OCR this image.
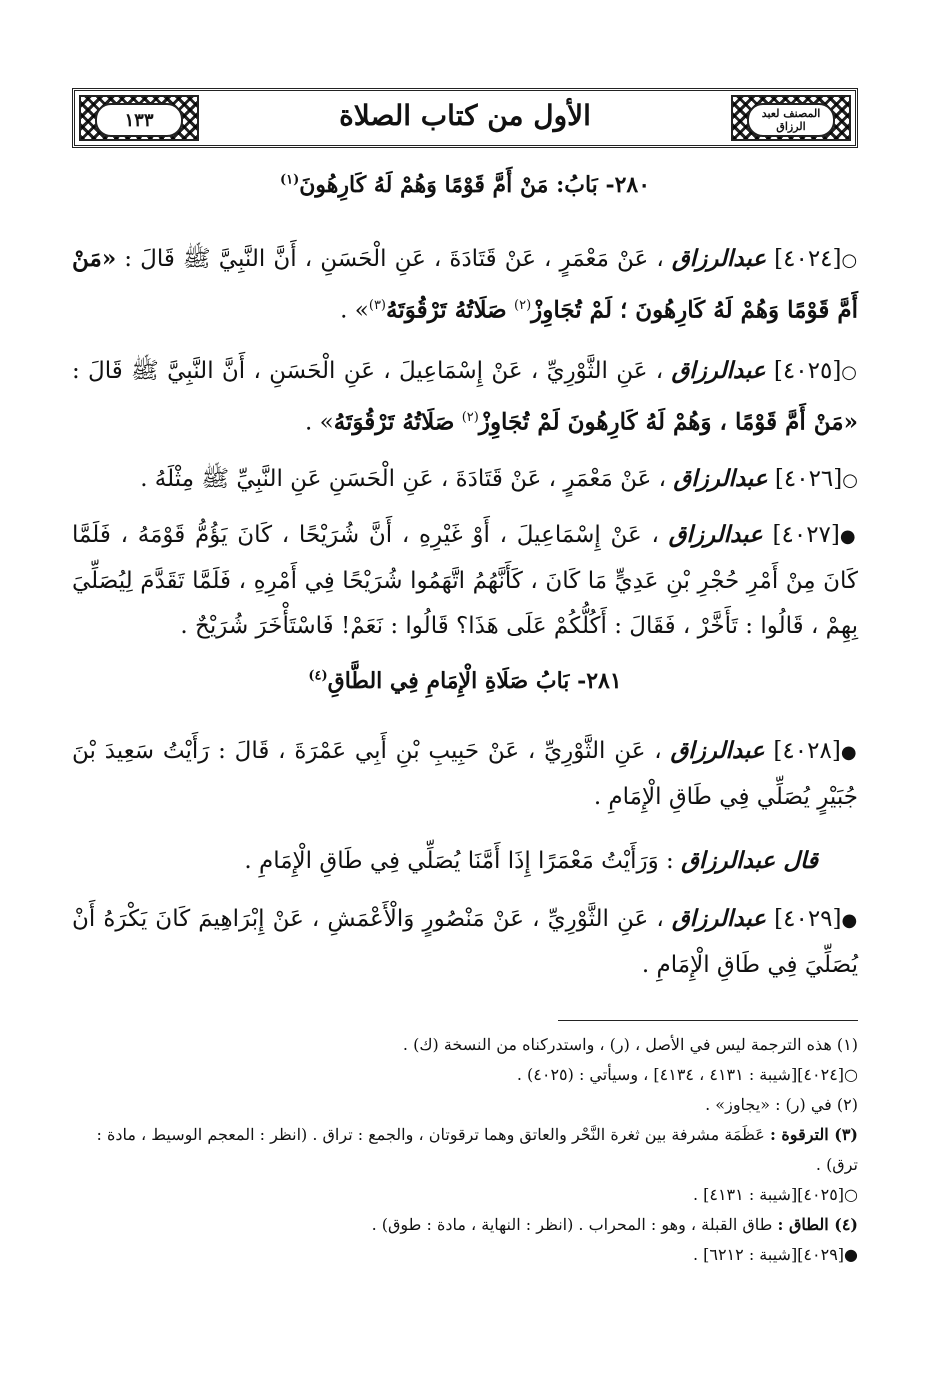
المصنف لعبد الرزاق
الأول من كتاب الصلاة
١٣٣
٢٨٠- بَابُ: مَنْ أَمَّ قَوْمًا وَهُمْ لَهُ كَارِهُونَ$^{(١)}$
○[٤٠٢٤] عبدالرزاق ، عَنْ مَعْمَرٍ ، عَنْ قَتَادَةَ ، عَنِ الْحَسَنِ ، أَنَّ النَّبِيَّ ﷺ قَالَ : «مَنْ أَمَّ قَوْمًا وَهُمْ لَهُ كَارِهُونَ ؛ لَمْ تُجَاوِزْ$^{(٢)}$ صَلَاتُهُ تَرْقُوَتَهُ$^{(٣)}$» .
○[٤٠٢٥] عبدالرزاق ، عَنِ الثَّوْرِيِّ ، عَنْ إِسْمَاعِيلَ ، عَنِ الْحَسَنِ ، أَنَّ النَّبِيَّ ﷺ قَالَ : «مَنْ أَمَّ قَوْمًا ، وَهُمْ لَهُ كَارِهُونَ لَمْ تُجَاوِزْ$^{(٢)}$ صَلَاتُهُ تَرْقُوَتَهُ» .
○[٤٠٢٦] عبدالرزاق ، عَنْ مَعْمَرٍ ، عَنْ قَتَادَةَ ، عَنِ الْحَسَنِ عَنِ النَّبِيِّ ﷺ مِثْلَهُ .
●[٤٠٢٧] عبدالرزاق ، عَنْ إِسْمَاعِيلَ ، أَوْ غَيْرِهِ ، أَنَّ شُرَيْحًا ، كَانَ يَؤُمُّ قَوْمَهُ ، فَلَمَّا كَانَ مِنْ أَمْرِ حُجْرِ بْنِ عَدِيٍّ مَا كَانَ ، كَأَنَّهُمُ اتَّهَمُوا شُرَيْحًا فِي أَمْرِهِ ، فَلَمَّا تَقَدَّمَ لِيُصَلِّيَ بِهِمْ ، قَالُوا : تَأَخَّرْ ، فَقَالَ : أَكُلُّكُمْ عَلَى هَذَا؟ قَالُوا : نَعَمْ! فَاسْتَأْخَرَ شُرَيْحٌ .
٢٨١- بَابُ صَلَاةِ الْإِمَامِ فِي الطَّاقِ$^{(٤)}$
●[٤٠٢٨] عبدالرزاق ، عَنِ الثَّوْرِيِّ ، عَنْ حَبِيبِ بْنِ أَبِي عَمْرَةَ ، قَالَ : رَأَيْتُ سَعِيدَ بْنَ جُبَيْرٍ يُصَلِّي فِي طَاقِ الْإِمَامِ .
قال عبدالرزاق : وَرَأَيْتُ مَعْمَرًا إِذَا أَمَّنَا يُصَلِّي فِي طَاقِ الْإِمَامِ .
●[٤٠٢٩] عبدالرزاق ، عَنِ الثَّوْرِيِّ ، عَنْ مَنْصُورٍ وَالْأَعْمَشِ ، عَنْ إِبْرَاهِيمَ كَانَ يَكْرَهُ أَنْ يُصَلِّيَ فِي طَاقِ الْإِمَامِ .
(١) هذه الترجمة ليس في الأصل ، (ر) ، واستدركناه من النسخة (ك) .
○[٤٠٢٤][شيبة : ٤١٣١ ، ٤١٣٤] ، وسيأتي : (٤٠٢٥) .
(٢) في (ر) : «يجاوز» .
(٣) الترقوة : عَظَمَة مشرفة بين ثغرة النَّحْر والعاتق وهما ترقوتان ، والجمع : تراق . (انظر : المعجم الوسيط ، مادة : ترق) .
○[٤٠٢٥][شيبة : ٤١٣١] .
(٤) الطاق : طاق القبلة ، وهو : المحراب . (انظر : النهاية ، مادة : طوق) .
●[٤٠٢٩][شيبة : ٦٢١٢] .
